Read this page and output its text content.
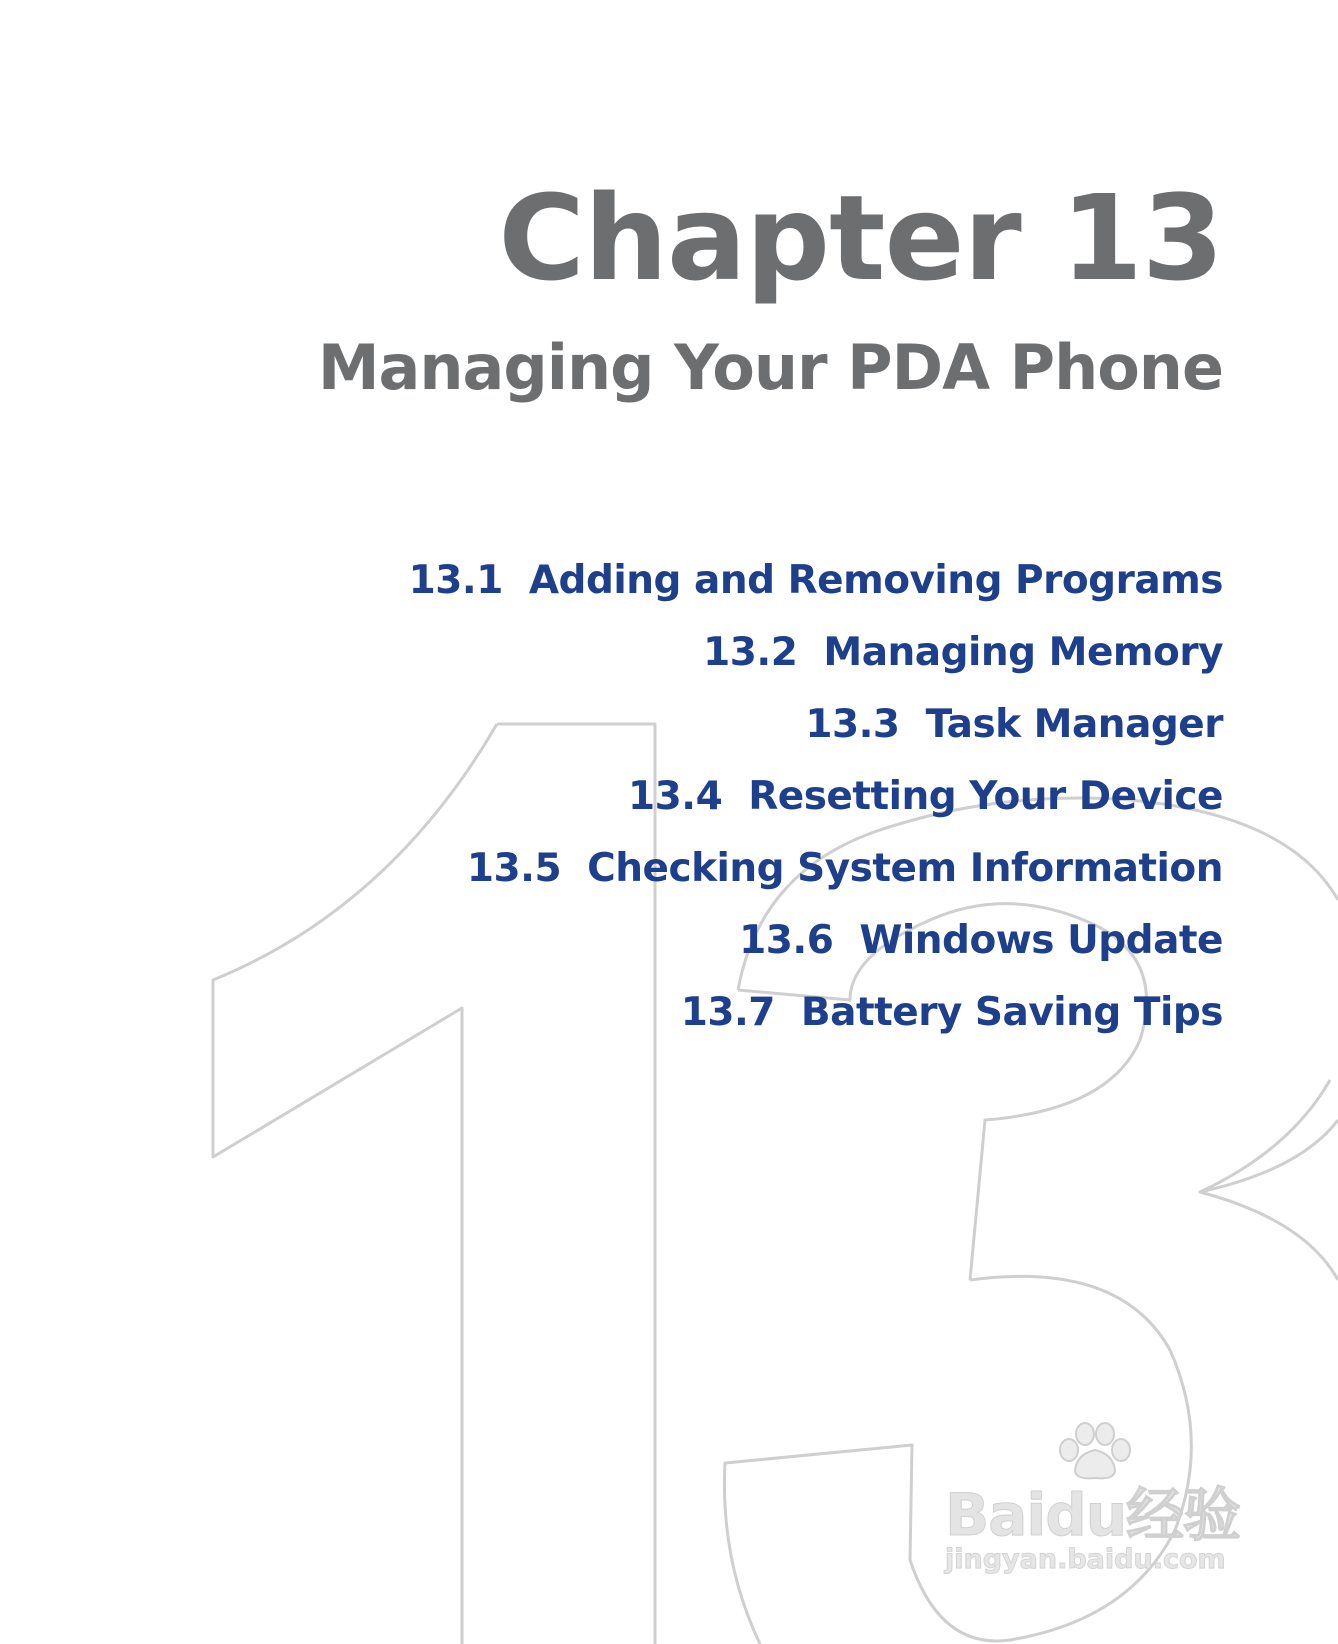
Chapter 13
Managing Your PDA Phone
13.1 Adding and Removing Programs
13.2 Managing Memory
13.3 Task Manager
13.4 Resetting Your Device
13.5 Checking System Information
13.6 Windows Update
13.7 Battery Saving Tips
Baidu经验
jingyan.baidu.com
